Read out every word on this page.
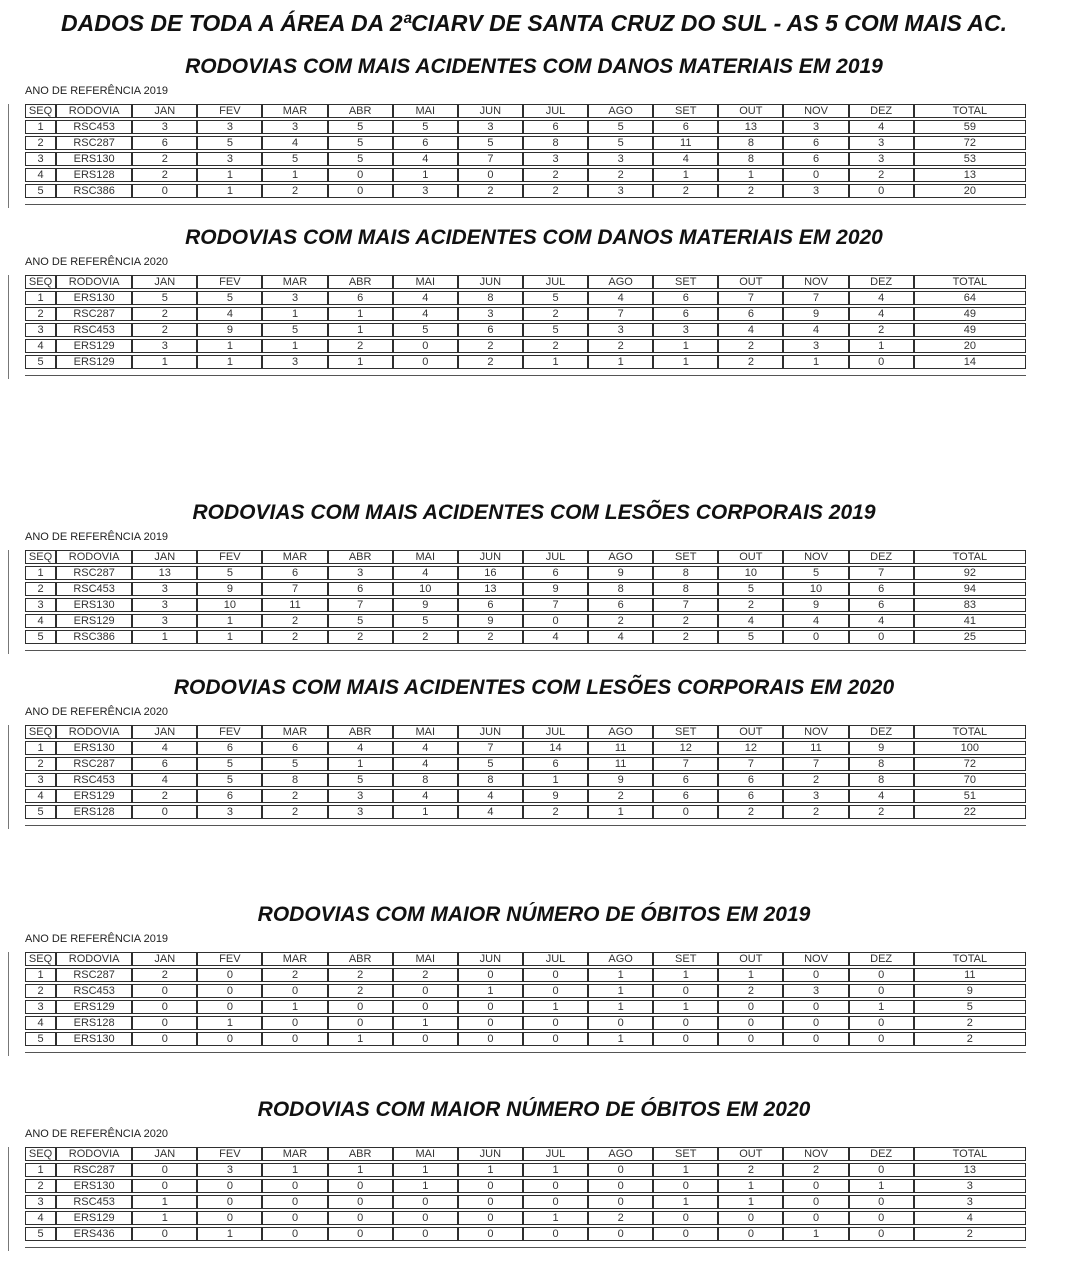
DADOS DE TODA A ÁREA DA 2ªCIARV DE SANTA CRUZ DO SUL - AS 5 COM MAIS AC.
RODOVIAS COM MAIS ACIDENTES COM DANOS MATERIAIS EM 2019
ANO DE REFERÊNCIA 2019
SEQ	RODOVIA	JAN	FEV	MAR	ABR	MAI	JUN	JUL	AGO	SET	OUT	NOV	DEZ	TOTAL
1	RSC453	3	3	3	5	5	3	6	5	6	13	3	4	59
2	RSC287	6	5	4	5	6	5	8	5	11	8	6	3	72
3	ERS130	2	3	5	5	4	7	3	3	4	8	6	3	53
4	ERS128	2	1	1	0	1	0	2	2	1	1	0	2	13
5	RSC386	0	1	2	0	3	2	2	3	2	2	3	0	20
RODOVIAS COM MAIS ACIDENTES COM DANOS MATERIAIS EM 2020
ANO DE REFERÊNCIA 2020
SEQ	RODOVIA	JAN	FEV	MAR	ABR	MAI	JUN	JUL	AGO	SET	OUT	NOV	DEZ	TOTAL
1	ERS130	5	5	3	6	4	8	5	4	6	7	7	4	64
2	RSC287	2	4	1	1	4	3	2	7	6	6	9	4	49
3	RSC453	2	9	5	1	5	6	5	3	3	4	4	2	49
4	ERS129	3	1	1	2	0	2	2	2	1	2	3	1	20
5	ERS129	1	1	3	1	0	2	1	1	1	2	1	0	14
RODOVIAS COM MAIS ACIDENTES COM LESÕES CORPORAIS 2019
ANO DE REFERÊNCIA 2019
SEQ	RODOVIA	JAN	FEV	MAR	ABR	MAI	JUN	JUL	AGO	SET	OUT	NOV	DEZ	TOTAL
1	RSC287	13	5	6	3	4	16	6	9	8	10	5	7	92
2	RSC453	3	9	7	6	10	13	9	8	8	5	10	6	94
3	ERS130	3	10	11	7	9	6	7	6	7	2	9	6	83
4	ERS129	3	1	2	5	5	9	0	2	2	4	4	4	41
5	RSC386	1	1	2	2	2	2	4	4	2	5	0	0	25
RODOVIAS COM MAIS ACIDENTES COM LESÕES CORPORAIS EM 2020
ANO DE REFERÊNCIA 2020
SEQ	RODOVIA	JAN	FEV	MAR	ABR	MAI	JUN	JUL	AGO	SET	OUT	NOV	DEZ	TOTAL
1	ERS130	4	6	6	4	4	7	14	11	12	12	11	9	100
2	RSC287	6	5	5	1	4	5	6	11	7	7	7	8	72
3	RSC453	4	5	8	5	8	8	1	9	6	6	2	8	70
4	ERS129	2	6	2	3	4	4	9	2	6	6	3	4	51
5	ERS128	0	3	2	3	1	4	2	1	0	2	2	2	22
RODOVIAS COM MAIOR NÚMERO DE ÓBITOS EM 2019
ANO DE REFERÊNCIA 2019
SEQ	RODOVIA	JAN	FEV	MAR	ABR	MAI	JUN	JUL	AGO	SET	OUT	NOV	DEZ	TOTAL
1	RSC287	2	0	2	2	2	0	0	1	1	1	0	0	11
2	RSC453	0	0	0	2	0	1	0	1	0	2	3	0	9
3	ERS129	0	0	1	0	0	0	1	1	1	0	0	1	5
4	ERS128	0	1	0	0	1	0	0	0	0	0	0	0	2
5	ERS130	0	0	0	1	0	0	0	1	0	0	0	0	2
RODOVIAS COM MAIOR NÚMERO DE ÓBITOS EM 2020
ANO DE REFERÊNCIA 2020
SEQ	RODOVIA	JAN	FEV	MAR	ABR	MAI	JUN	JUL	AGO	SET	OUT	NOV	DEZ	TOTAL
1	RSC287	0	3	1	1	1	1	1	0	1	2	2	0	13
2	ERS130	0	0	0	0	1	0	0	0	0	1	0	1	3
3	RSC453	1	0	0	0	0	0	0	0	1	1	0	0	3
4	ERS129	1	0	0	0	0	0	1	2	0	0	0	0	4
5	ERS436	0	1	0	0	0	0	0	0	0	0	1	0	2
